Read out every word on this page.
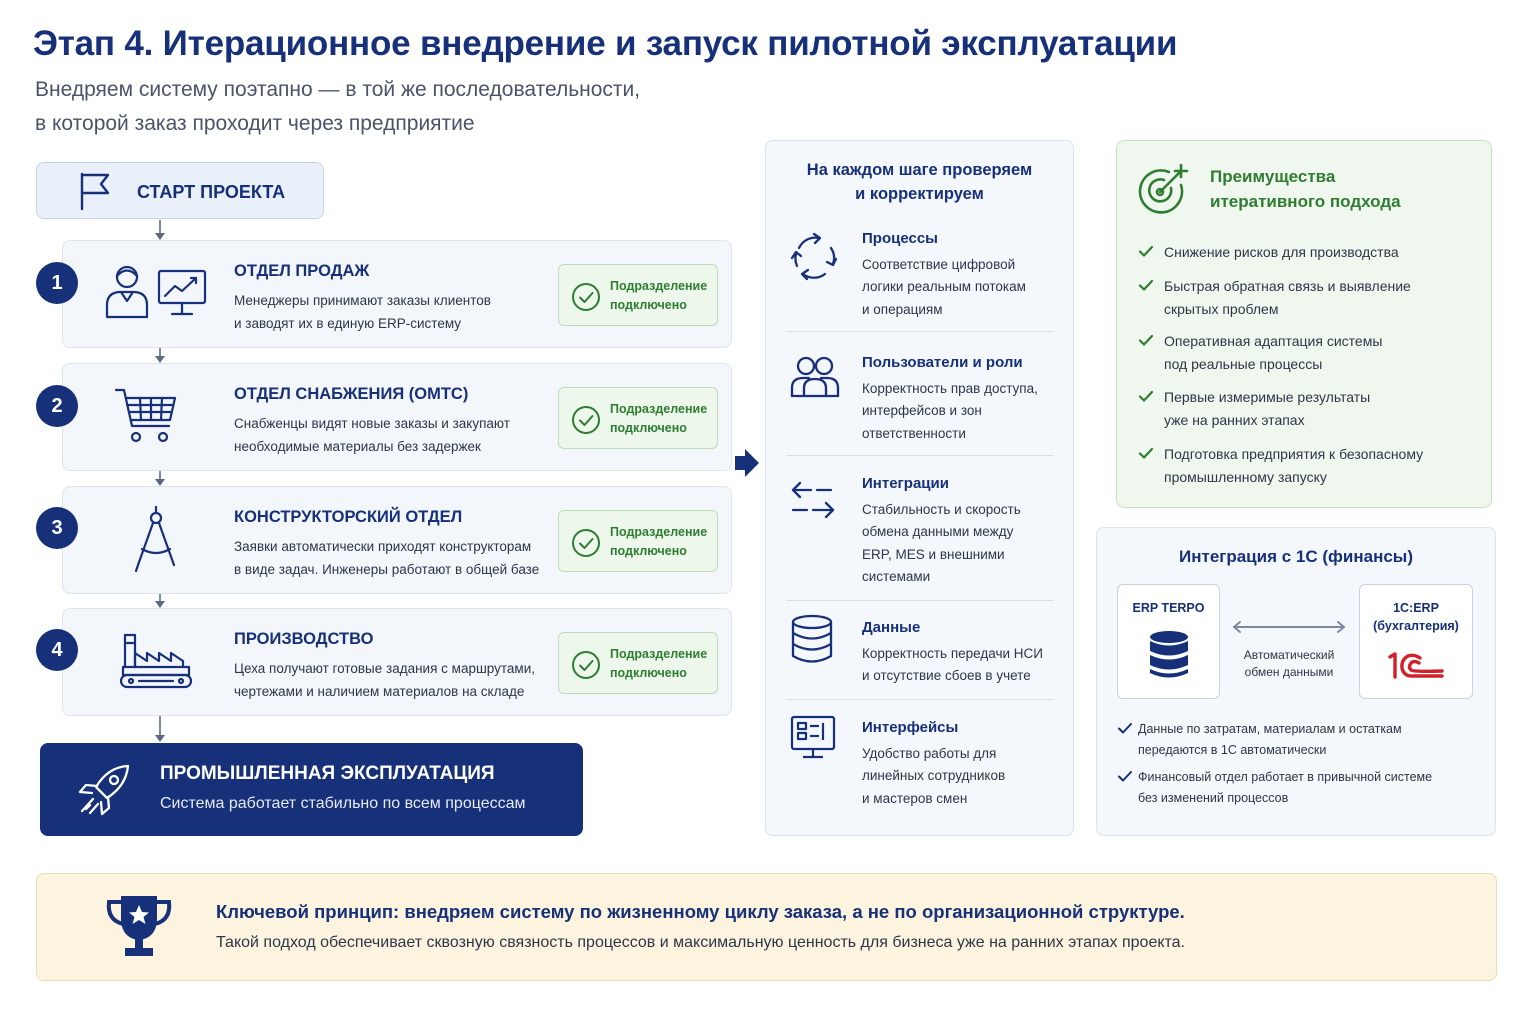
Этап 4. Итерационное внедрение и запуск пилотной эксплуатации
Внедряем систему поэтапно — в той же последовательности,
в которой заказ проходит через предприятие
СТАРТ ПРОЕКТА
ОТДЕЛ ПРОДАЖ
Менеджеры принимают заказы клиентов
и заводят их в единую ERP-систему
Подразделение
подключено
1
ОТДЕЛ СНАБЖЕНИЯ (ОМТС)
Снабженцы видят новые заказы и закупают
необходимые материалы без задержек
Подразделение
подключено
2
КОНСТРУКТОРСКИЙ ОТДЕЛ
Заявки автоматически приходят конструкторам
в виде задач. Инженеры работают в общей базе
Подразделение
подключено
3
ПРОИЗВОДСТВО
Цеха получают готовые задания с маршрутами,
чертежами и наличием материалов на складе
Подразделение
подключено
4
ПРОМЫШЛЕННАЯ ЭКСПЛУАТАЦИЯ
Система работает стабильно по всем процессам
На каждом шаге проверяем
и корректируем
Процессы
Соответствие цифровой
логики реальным потокам
и операциям
Пользователи и роли
Корректность прав доступа,
интерфейсов и зон
ответственности
Интеграции
Стабильность и скорость
обмена данными между
ERP, MES и внешними
системами
Данные
Корректность передачи НСИ
и отсутствие сбоев в учете
Интерфейсы
Удобство работы для
линейных сотрудников
и мастеров смен
Преимущества
итеративного подхода
Снижение рисков для производства
Быстрая обратная связь и выявление
скрытых проблем
Оперативная адаптация системы
под реальные процессы
Первые измеримые результаты
уже на ранних этапах
Подготовка предприятия к безопасному
промышленному запуску
Интеграция с 1С (финансы)
ERP TERPO
Автоматический
обмен данными
1С:ERP
(бухгалтерия)
Данные по затратам, материалам и остаткам
передаются в 1С автоматически
Финансовый отдел работает в привычной системе
без изменений процессов
Ключевой принцип: внедряем систему по жизненному циклу заказа, а не по организационной структуре.
Такой подход обеспечивает сквозную связность процессов и максимальную ценность для бизнеса уже на ранних этапах проекта.
